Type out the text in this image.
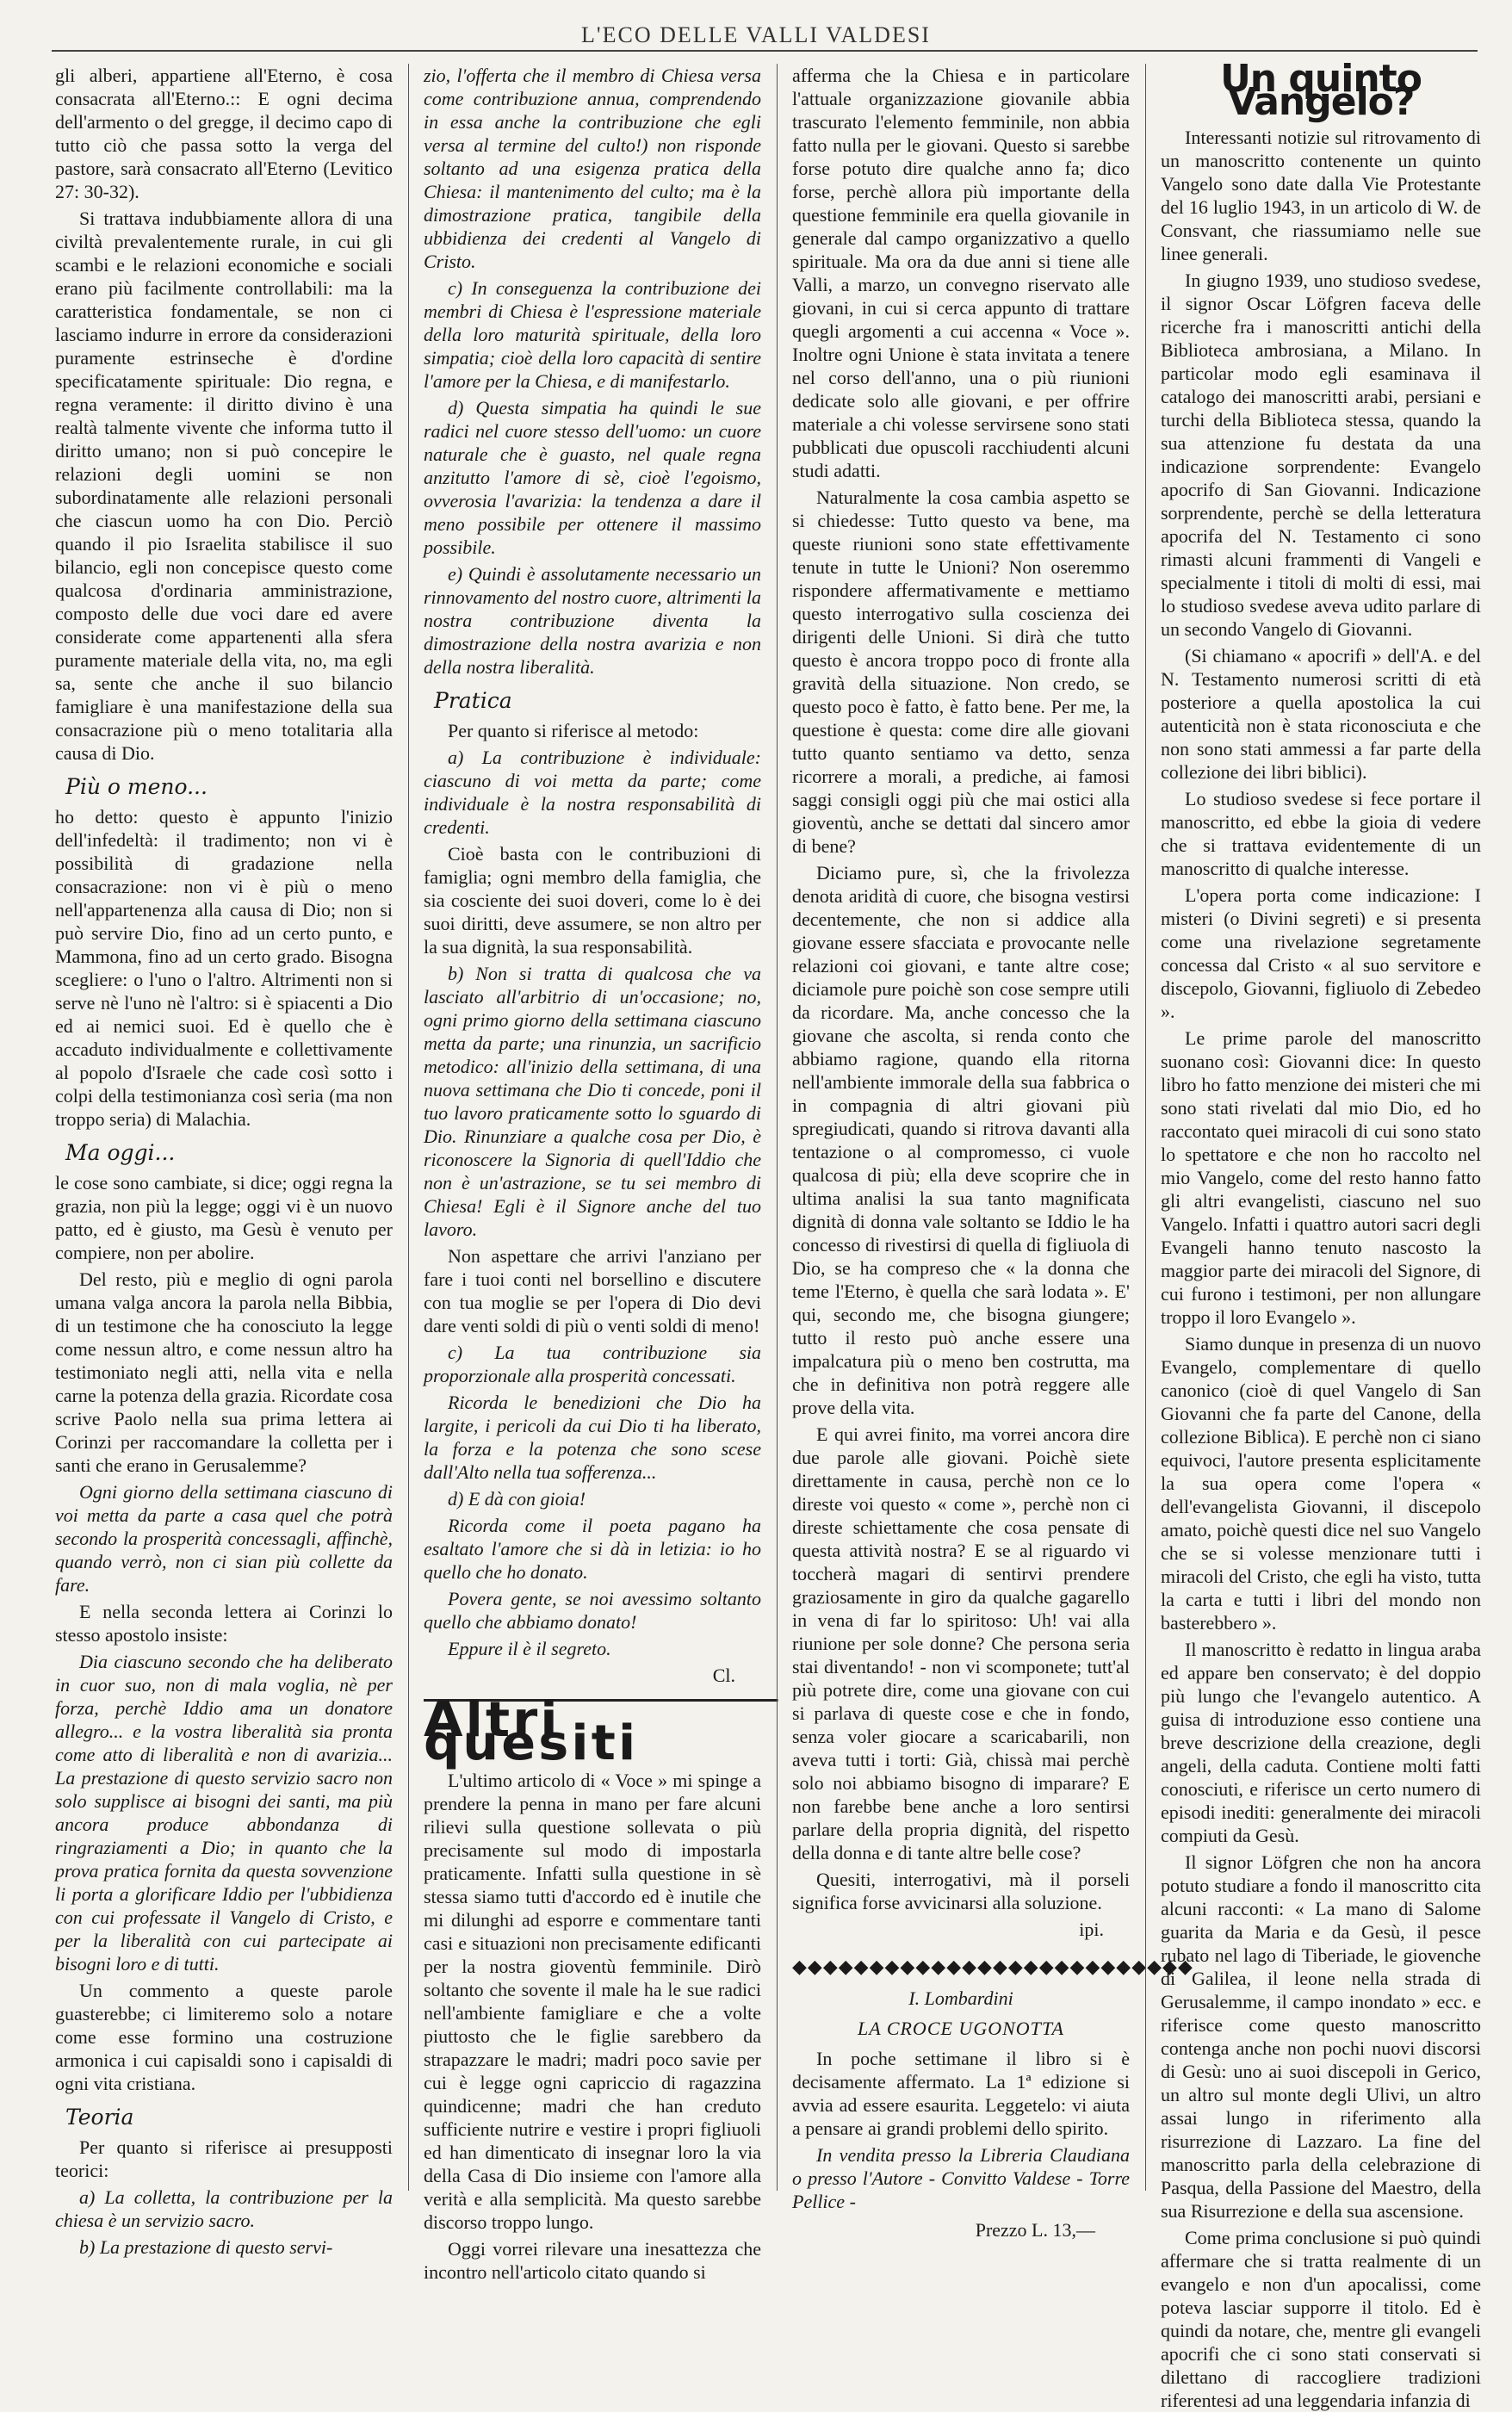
L'ECO DELLE VALLI VALDESI

gli alberi, appartiene all'Eterno, è cosa consacrata all'Eterno.:: E ogni decima dell'armento o del gregge, il decimo capo di tutto ciò che passa sotto la verga del pastore, sarà consacrato all'Eterno (Levitico 27: 30-32).

Si trattava indubbiamente allora di una civiltà prevalentemente rurale, in cui gli scambi e le relazioni economiche e sociali erano più facilmente controllabili: ma la caratteristica fondamentale, se non ci lasciamo indurre in errore da considerazioni puramente estrinseche è d'ordine specificatamente spirituale: Dio regna, e regna veramente: il diritto divino è una realtà talmente vivente che informa tutto il diritto umano; non si può concepire le relazioni degli uomini se non subordinatamente alle relazioni personali che ciascun uomo ha con Dio. Perciò quando il pio Israelita stabilisce il suo bilancio, egli non concepisce questo come qualcosa d'ordinaria amministrazione, composto delle due voci dare ed avere considerate come appartenenti alla sfera puramente materiale della vita, no, ma egli sa, sente che anche il suo bilancio famigliare è una manifestazione della sua consacrazione più o meno totalitaria alla causa di Dio.

Più o meno...

ho detto: questo è appunto l'inizio dell'infedeltà: il tradimento; non vi è possibilità di gradazione nella consacrazione: non vi è più o meno nell'appartenenza alla causa di Dio; non si può servire Dio, fino ad un certo punto, e Mammona, fino ad un certo grado. Bisogna scegliere: o l'uno o l'altro. Altrimenti non si serve nè l'uno nè l'altro: si è spiacenti a Dio ed ai nemici suoi. Ed è quello che è accaduto individualmente e collettivamente al popolo d'Israele che cade così sotto i colpi della testimonianza così seria (ma non troppo seria) di Malachia.

Ma oggi...

le cose sono cambiate, si dice; oggi regna la grazia, non più la legge; oggi vi è un nuovo patto, ed è giusto, ma Gesù è venuto per compiere, non per abolire.

Del resto, più e meglio di ogni parola umana valga ancora la parola nella Bibbia, di un testimone che ha conosciuto la legge come nessun altro, e come nessun altro ha testimoniato negli atti, nella vita e nella carne la potenza della grazia. Ricordate cosa scrive Paolo nella sua prima lettera ai Corinzi per raccomandare la colletta per i santi che erano in Gerusalemme?

Ogni giorno della settimana ciascuno di voi metta da parte a casa quel che potrà secondo la prosperità concessagli, affinchè, quando verrò, non ci sian più collette da fare.

E nella seconda lettera ai Corinzi lo stesso apostolo insiste:

Dia ciascuno secondo che ha deliberato in cuor suo, non di mala voglia, nè per forza, perchè Iddio ama un donatore allegro... e la vostra liberalità sia pronta come atto di liberalità e non di avarizia... La prestazione di questo servizio sacro non solo supplisce ai bisogni dei santi, ma più ancora produce abbondanza di ringraziamenti a Dio; in quanto che la prova pratica fornita da questa sovvenzione li porta a glorificare Iddio per l'ubbidienza con cui professate il Vangelo di Cristo, e per la liberalità con cui partecipate ai bisogni loro e di tutti.

Un commento a queste parole guasterebbe; ci limiteremo solo a notare come esse formino una costruzione armonica i cui capisaldi sono i capisaldi di ogni vita cristiana.

Teoria

Per quanto si riferisce ai presupposti teorici:

a) La colletta, la contribuzione per la chiesa è un servizio sacro.

b) La prestazione di questo servi-

zio, l'offerta che il membro di Chiesa versa come contribuzione annua, comprendendo in essa anche la contribuzione che egli versa al termine del culto!) non risponde soltanto ad una esigenza pratica della Chiesa: il mantenimento del culto; ma è la dimostrazione pratica, tangibile della ubbidienza dei credenti al Vangelo di Cristo.

c) In conseguenza la contribuzione dei membri di Chiesa è l'espressione materiale della loro maturità spirituale, della loro simpatia; cioè della loro capacità di sentire l'amore per la Chiesa, e di manifestarlo.

d) Questa simpatia ha quindi le sue radici nel cuore stesso dell'uomo: un cuore naturale che è guasto, nel quale regna anzitutto l'amore di sè, cioè l'egoismo, ovverosia l'avarizia: la tendenza a dare il meno possibile per ottenere il massimo possibile.

e) Quindi è assolutamente necessario un rinnovamento del nostro cuore, altrimenti la nostra contribuzione diventa la dimostrazione della nostra avarizia e non della nostra liberalità.

Pratica

Per quanto si riferisce al metodo:

a) La contribuzione è individuale: ciascuno di voi metta da parte; come individuale è la nostra responsabilità di credenti.

Cioè basta con le contribuzioni di famiglia; ogni membro della famiglia, che sia cosciente dei suoi doveri, come lo è dei suoi diritti, deve assumere, se non altro per la sua dignità, la sua responsabilità.

b) Non si tratta di qualcosa che va lasciato all'arbitrio di un'occasione; no, ogni primo giorno della settimana ciascuno metta da parte; una rinunzia, un sacrificio metodico: all'inizio della settimana, di una nuova settimana che Dio ti concede, poni il tuo lavoro praticamente sotto lo sguardo di Dio. Rinunziare a qualche cosa per Dio, è riconoscere la Signoria di quell'Iddio che non è un'astrazione, se tu sei membro di Chiesa! Egli è il Signore anche del tuo lavoro.

Non aspettare che arrivi l'anziano per fare i tuoi conti nel borsellino e discutere con tua moglie se per l'opera di Dio devi dare venti soldi di più o venti soldi di meno!

c) La tua contribuzione sia proporzionale alla prosperità concessati.

Ricorda le benedizioni che Dio ha largite, i pericoli da cui Dio ti ha liberato, la forza e la potenza che sono scese dall'Alto nella tua sofferenza...

d) E dà con gioia!

Ricorda come il poeta pagano ha esaltato l'amore che si dà in letizia: io ho quello che ho donato.

Povera gente, se noi avessimo soltanto quello che abbiamo donato!

Eppure il è il segreto.

Cl.
Altri quesiti

L'ultimo articolo di « Voce » mi spinge a prendere la penna in mano per fare alcuni rilievi sulla questione sollevata o più precisamente sul modo di impostarla praticamente. Infatti sulla questione in sè stessa siamo tutti d'accordo ed è inutile che mi dilunghi ad esporre e commentare tanti casi e situazioni non precisamente edificanti per la nostra gioventù femminile. Dirò soltanto che sovente il male ha le sue radici nell'ambiente famigliare e che a volte piuttosto che le figlie sarebbero da strapazzare le madri; madri poco savie per cui è legge ogni capriccio di ragazzina quindicenne; madri che han creduto sufficiente nutrire e vestire i propri figliuoli ed han dimenticato di insegnar loro la via della Casa di Dio insieme con l'amore alla verità e alla semplicità. Ma questo sarebbe discorso troppo lungo.

Oggi vorrei rilevare una inesattezza che incontro nell'articolo citato quando si

afferma che la Chiesa e in particolare l'attuale organizzazione giovanile abbia trascurato l'elemento femminile, non abbia fatto nulla per le giovani. Questo si sarebbe forse potuto dire qualche anno fa; dico forse, perchè allora più importante della questione femminile era quella giovanile in generale dal campo organizzativo a quello spirituale. Ma ora da due anni si tiene alle Valli, a marzo, un convegno riservato alle giovani, in cui si cerca appunto di trattare quegli argomenti a cui accenna « Voce ». Inoltre ogni Unione è stata invitata a tenere nel corso dell'anno, una o più riunioni dedicate solo alle giovani, e per offrire materiale a chi volesse servirsene sono stati pubblicati due opuscoli racchiudenti alcuni studi adatti.

Naturalmente la cosa cambia aspetto se si chiedesse: Tutto questo va bene, ma queste riunioni sono state effettivamente tenute in tutte le Unioni? Non oseremmo rispondere affermativamente e mettiamo questo interrogativo sulla coscienza dei dirigenti delle Unioni. Si dirà che tutto questo è ancora troppo poco di fronte alla gravità della situazione. Non credo, se questo poco è fatto, è fatto bene. Per me, la questione è questa: come dire alle giovani tutto quanto sentiamo va detto, senza ricorrere a morali, a prediche, ai famosi saggi consigli oggi più che mai ostici alla gioventù, anche se dettati dal sincero amor di bene?

Diciamo pure, sì, che la frivolezza denota aridità di cuore, che bisogna vestirsi decentemente, che non si addice alla giovane essere sfacciata e provocante nelle relazioni coi giovani, e tante altre cose; diciamole pure poichè son cose sempre utili da ricordare. Ma, anche concesso che la giovane che ascolta, si renda conto che abbiamo ragione, quando ella ritorna nell'ambiente immorale della sua fabbrica o in compagnia di altri giovani più spregiudicati, quando si ritrova davanti alla tentazione o al compromesso, ci vuole qualcosa di più; ella deve scoprire che in ultima analisi la sua tanto magnificata dignità di donna vale soltanto se Iddio le ha concesso di rivestirsi di quella di figliuola di Dio, se ha compreso che « la donna che teme l'Eterno, è quella che sarà lodata ». E' qui, secondo me, che bisogna giungere; tutto il resto può anche essere una impalcatura più o meno ben costrutta, ma che in definitiva non potrà reggere alle prove della vita.

E qui avrei finito, ma vorrei ancora dire due parole alle giovani. Poichè siete direttamente in causa, perchè non ce lo direste voi questo « come », perchè non ci direste schiettamente che cosa pensate di questa attività nostra? E se al riguardo vi toccherà magari di sentirvi prendere graziosamente in giro da qualche gagarello in vena di far lo spiritoso: Uh! vai alla riunione per sole donne? Che persona seria stai diventando! - non vi scomponete; tutt'al più potrete dire, come una giovane con cui si parlava di queste cose e che in fondo, senza voler giocare a scaricabarili, non aveva tutti i torti: Già, chissà mai perchè solo noi abbiamo bisogno di imparare? E non farebbe bene anche a loro sentirsi parlare della propria dignità, del rispetto della donna e di tante altre belle cose?

Quesiti, interrogativi, mà il porseli significa forse avvicinarsi alla soluzione.

ipi.
◆◆◆◆◆◆◆◆◆◆◆◆◆◆◆◆◆◆◆◆◆◆◆◆◆◆
I. Lombardini
LA CROCE UGONOTTA

In poche settimane il libro si è decisamente affermato. La 1ª edizione si avvia ad essere esaurita. Leggetelo: vi aiuta a pensare ai grandi problemi dello spirito.

In vendita presso la Libreria Claudiana o presso l'Autore - Convitto Valdese - Torre Pellice -

Prezzo L. 13,—
Un quinto Vangelo?

Interessanti notizie sul ritrovamento di un manoscritto contenente un quinto Vangelo sono date dalla Vie Protestante del 16 luglio 1943, in un articolo di W. de Consvant, che riassumiamo nelle sue linee generali.

In giugno 1939, uno studioso svedese, il signor Oscar Löfgren faceva delle ricerche fra i manoscritti antichi della Biblioteca ambrosiana, a Milano. In particolar modo egli esaminava il catalogo dei manoscritti arabi, persiani e turchi della Biblioteca stessa, quando la sua attenzione fu destata da una indicazione sorprendente: Evangelo apocrifo di San Giovanni. Indicazione sorprendente, perchè se della letteratura apocrifa del N. Testamento ci sono rimasti alcuni frammenti di Vangeli e specialmente i titoli di molti di essi, mai lo studioso svedese aveva udito parlare di un secondo Vangelo di Giovanni.

(Si chiamano « apocrifi » dell'A. e del N. Testamento numerosi scritti di età posteriore a quella apostolica la cui autenticità non è stata riconosciuta e che non sono stati ammessi a far parte della collezione dei libri biblici).

Lo studioso svedese si fece portare il manoscritto, ed ebbe la gioia di vedere che si trattava evidentemente di un manoscritto di qualche interesse.

L'opera porta come indicazione: I misteri (o Divini segreti) e si presenta come una rivelazione segretamente concessa dal Cristo « al suo servitore e discepolo, Giovanni, figliuolo di Zebedeo ».

Le prime parole del manoscritto suonano così: Giovanni dice: In questo libro ho fatto menzione dei misteri che mi sono stati rivelati dal mio Dio, ed ho raccontato quei miracoli di cui sono stato lo spettatore e che non ho raccolto nel mio Vangelo, come del resto hanno fatto gli altri evangelisti, ciascuno nel suo Vangelo. Infatti i quattro autori sacri degli Evangeli hanno tenuto nascosto la maggior parte dei miracoli del Signore, di cui furono i testimoni, per non allungare troppo il loro Evangelo ».

Siamo dunque in presenza di un nuovo Evangelo, complementare di quello canonico (cioè di quel Vangelo di San Giovanni che fa parte del Canone, della collezione Biblica). E perchè non ci siano equivoci, l'autore presenta esplicitamente la sua opera come l'opera « dell'evangelista Giovanni, il discepolo amato, poichè questi dice nel suo Vangelo che se si volesse menzionare tutti i miracoli del Cristo, che egli ha visto, tutta la carta e tutti i libri del mondo non basterebbero ».

Il manoscritto è redatto in lingua araba ed appare ben conservato; è del doppio più lungo che l'evangelo autentico. A guisa di introduzione esso contiene una breve descrizione della creazione, degli angeli, della caduta. Contiene molti fatti conosciuti, e riferisce un certo numero di episodi inediti: generalmente dei miracoli compiuti da Gesù.

Il signor Löfgren che non ha ancora potuto studiare a fondo il manoscritto cita alcuni racconti: « La mano di Salome guarita da Maria e da Gesù, il pesce rubato nel lago di Tiberiade, le giovenche di Galilea, il leone nella strada di Gerusalemme, il campo inondato » ecc. e riferisce come questo manoscritto contenga anche non pochi nuovi discorsi di Gesù: uno ai suoi discepoli in Gerico, un altro sul monte degli Ulivi, un altro assai lungo in riferimento alla risurrezione di Lazzaro. La fine del manoscritto parla della celebrazione di Pasqua, della Passione del Maestro, della sua Risurrezione e della sua ascensione.

Come prima conclusione si può quindi affermare che si tratta realmente di un evangelo e non d'un apocalissi, come poteva lasciar supporre il titolo. Ed è quindi da notare, che, mentre gli evangeli apocrifi che ci sono stati conservati si dilettano di raccogliere tradizioni riferentesi ad una leggendaria infanzia di
